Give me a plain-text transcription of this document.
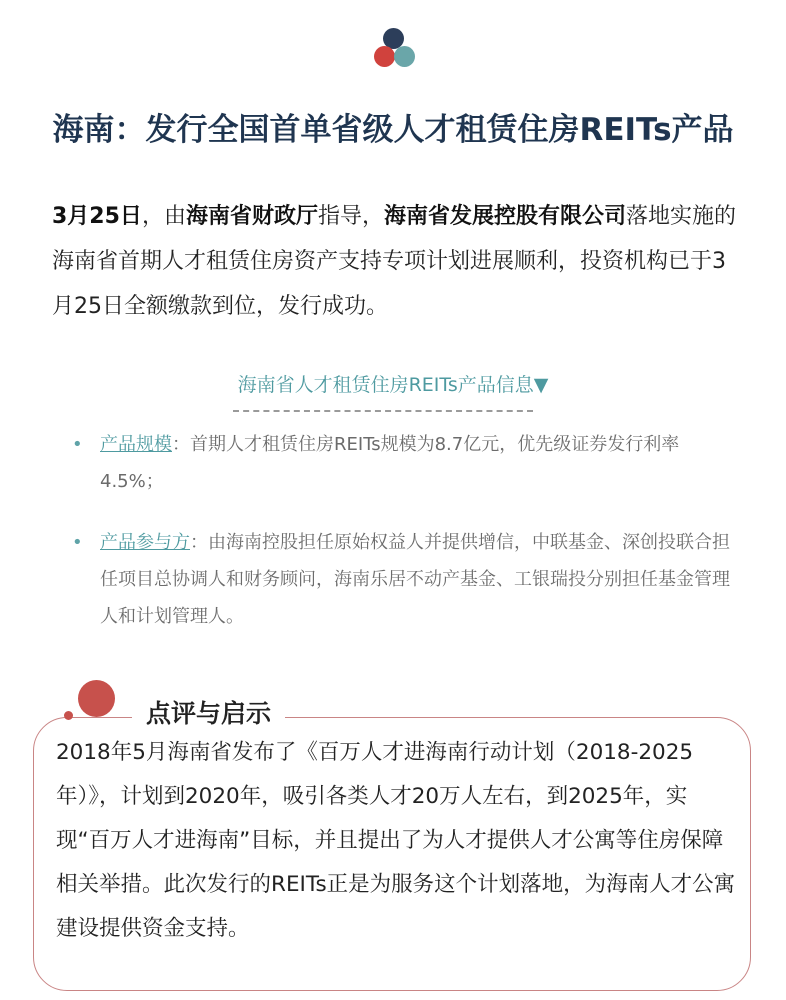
海南：发行全国首单省级人才租赁住房REITs产品
3月25日，由海南省财政厅指导，海南省发展控股有限公司落地实施的海南省首期人才租赁住房资产支持专项计划进展顺利，投资机构已于3月25日全额缴款到位，发行成功。
海南省人才租赁住房REITs产品信息▼
• 产品规模：首期人才租赁住房REITs规模为8.7亿元，优先级证券发行利率4.5%；
• 产品参与方：由海南控股担任原始权益人并提供增信，中联基金、深创投联合担任项目总协调人和财务顾问，海南乐居不动产基金、工银瑞投分别担任基金管理人和计划管理人。
点评与启示
2018年5月海南省发布了《百万人才进海南行动计划（2018-2025年）》，计划到2020年，吸引各类人才20万人左右，到2025年，实现“百万人才进海南”目标，并且提出了为人才提供人才公寓等住房保障相关举措。此次发行的REITs正是为服务这个计划落地，为海南人才公寓建设提供资金支持。
